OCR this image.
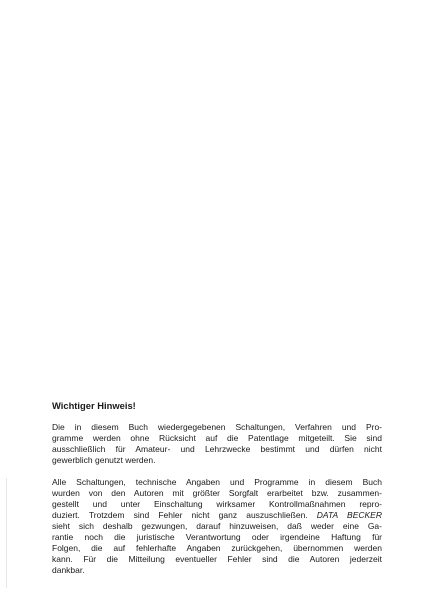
Wichtiger Hinweis!
Die in diesem Buch wiedergegebenen Schaltungen, Verfahren und Pro-
gramme werden ohne Rücksicht auf die Patentlage mitgeteilt. Sie sind
ausschließlich für Amateur- und Lehrzwecke bestimmt und dürfen nicht
gewerblich genutzt werden.
Alle Schaltungen, technische Angaben und Programme in diesem Buch
wurden von den Autoren mit größter Sorgfalt erarbeitet bzw. zusammen-
gestellt und unter Einschaltung wirksamer Kontrollmaßnahmen repro-
duziert. Trotzdem sind Fehler nicht ganz auszuschließen. DATA BECKER
sieht sich deshalb gezwungen, darauf hinzuweisen, daß weder eine Ga-
rantie noch die juristische Verantwortung oder irgendeine Haftung für
Folgen, die auf fehlerhafte Angaben zurückgehen, übernommen werden
kann. Für die Mitteilung eventueller Fehler sind die Autoren jederzeit
dankbar.
